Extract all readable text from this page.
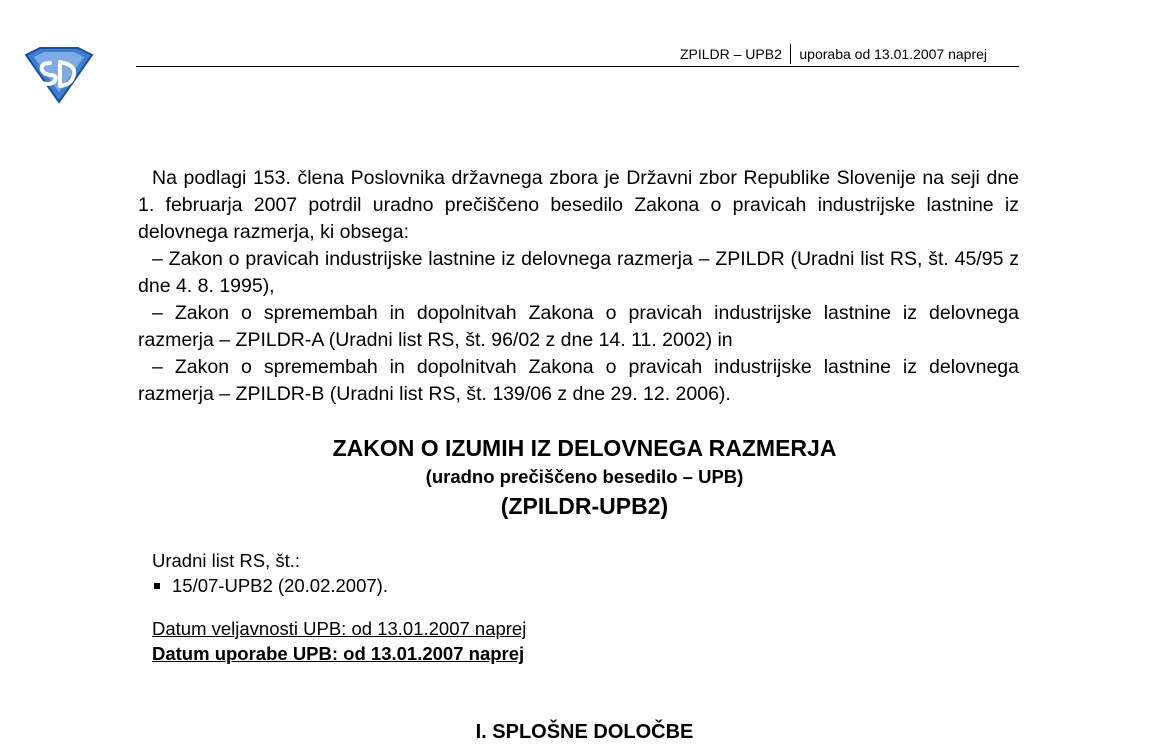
ZPILDR – UPB2	uporaba od 13.01.2007 naprej

Na podlagi 153. člena Poslovnika državnega zbora je Državni zbor Republike Slovenije na seji dne 1. februarja 2007 potrdil uradno prečiščeno besedilo Zakona o pravicah industrijske lastnine iz delovnega razmerja, ki obsega:

– Zakon o pravicah industrijske lastnine iz delovnega razmerja – ZPILDR (Uradni list RS, št. 45/95 z dne 4. 8. 1995),

– Zakon o spremembah in dopolnitvah Zakona o pravicah industrijske lastnine iz delovnega razmerja – ZPILDR-A (Uradni list RS, št. 96/02 z dne 14. 11. 2002) in

– Zakon o spremembah in dopolnitvah Zakona o pravicah industrijske lastnine iz delovnega razmerja – ZPILDR-B (Uradni list RS, št. 139/06 z dne 29. 12. 2006).

ZAKON O IZUMIH IZ DELOVNEGA RAZMERJA
(uradno prečiščeno besedilo – UPB)
(ZPILDR-UPB2)
Uradni list RS, št.:
15/07-UPB2 (20.02.2007).
Datum veljavnosti UPB: od 13.01.2007 naprej
Datum uporabe UPB: od 13.01.2007 naprej
I. SPLOŠNE DOLOČBE
